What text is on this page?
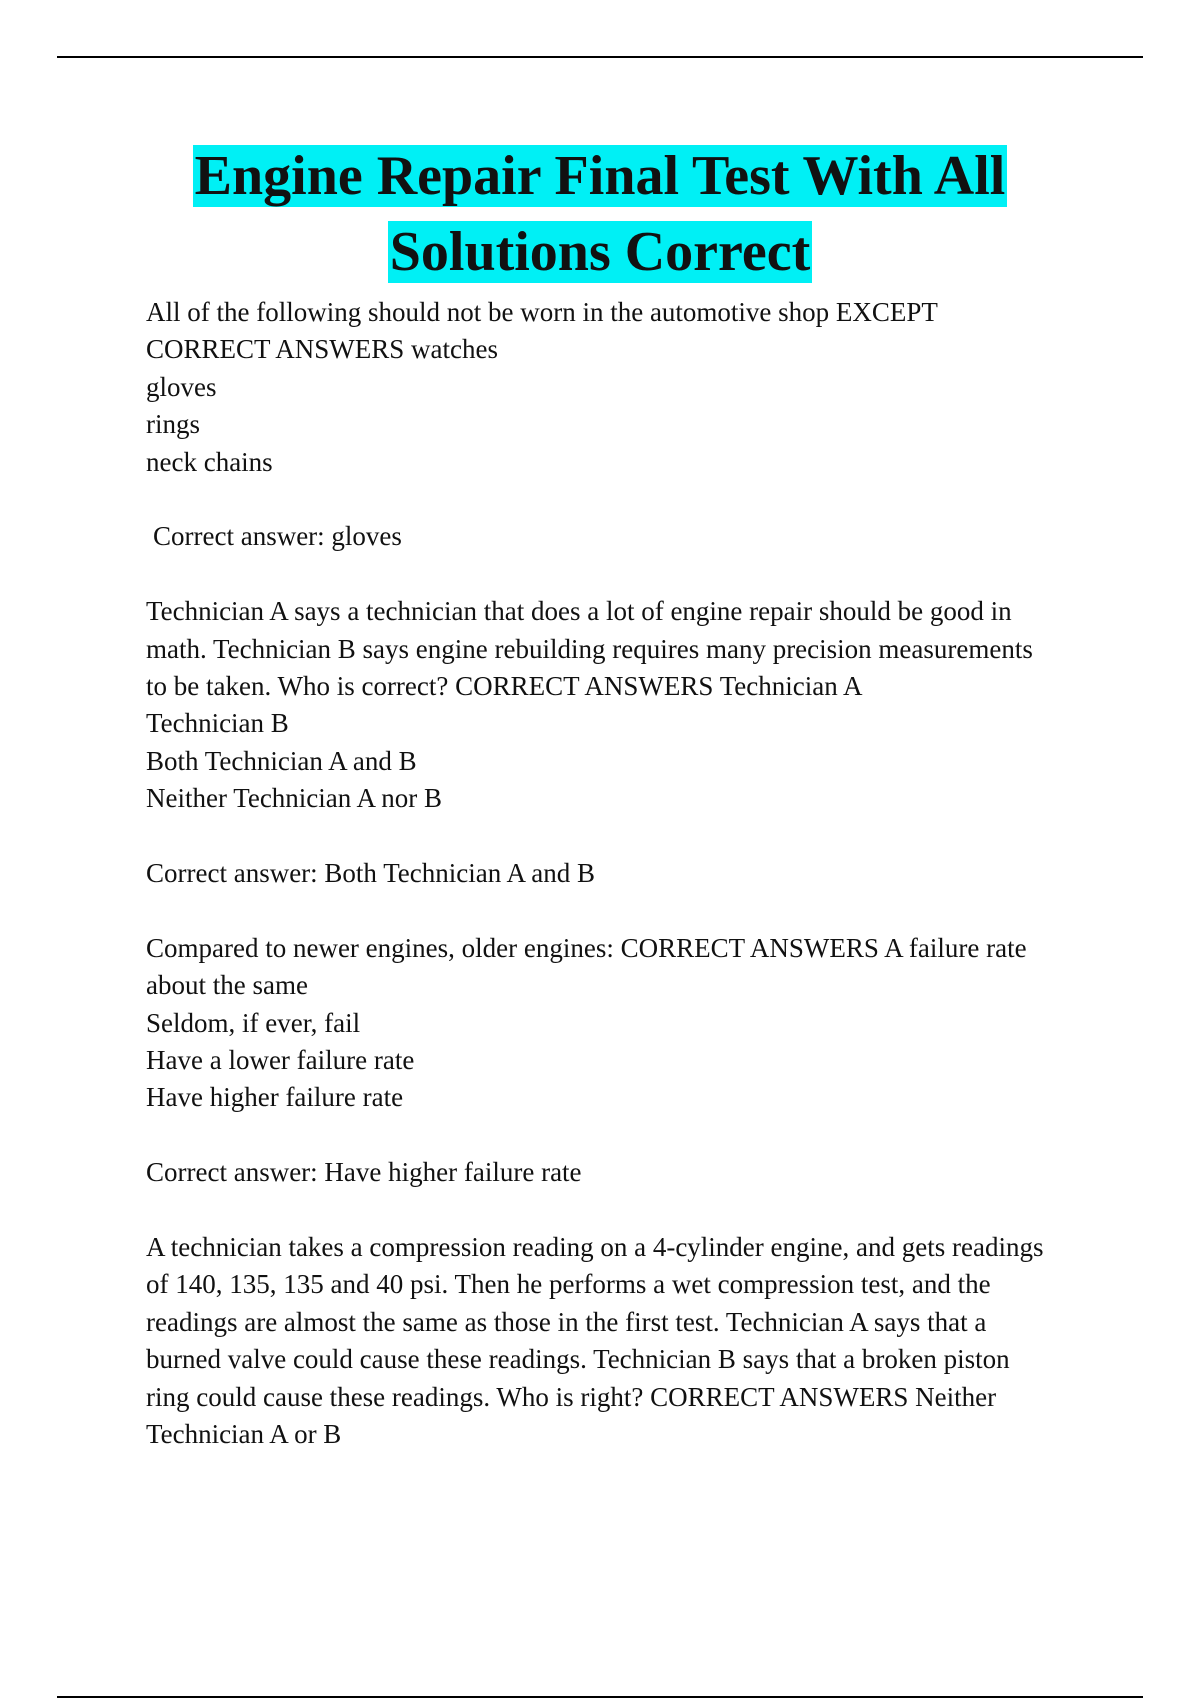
Engine Repair Final Test With All
Solutions Correct
All of the following should not be worn in the automotive shop EXCEPT
CORRECT ANSWERS watches
gloves
rings
neck chains
Correct answer: gloves
Technician A says a technician that does a lot of engine repair should be good in
math. Technician B says engine rebuilding requires many precision measurements
to be taken. Who is correct? CORRECT ANSWERS Technician A
Technician B
Both Technician A and B
Neither Technician A nor B
Correct answer: Both Technician A and B
Compared to newer engines, older engines: CORRECT ANSWERS A failure rate
about the same
Seldom, if ever, fail
Have a lower failure rate
Have higher failure rate
Correct answer: Have higher failure rate
A technician takes a compression reading on a 4-cylinder engine, and gets readings
of 140, 135, 135 and 40 psi. Then he performs a wet compression test, and the
readings are almost the same as those in the first test. Technician A says that a
burned valve could cause these readings. Technician B says that a broken piston
ring could cause these readings. Who is right? CORRECT ANSWERS Neither
Technician A or B
